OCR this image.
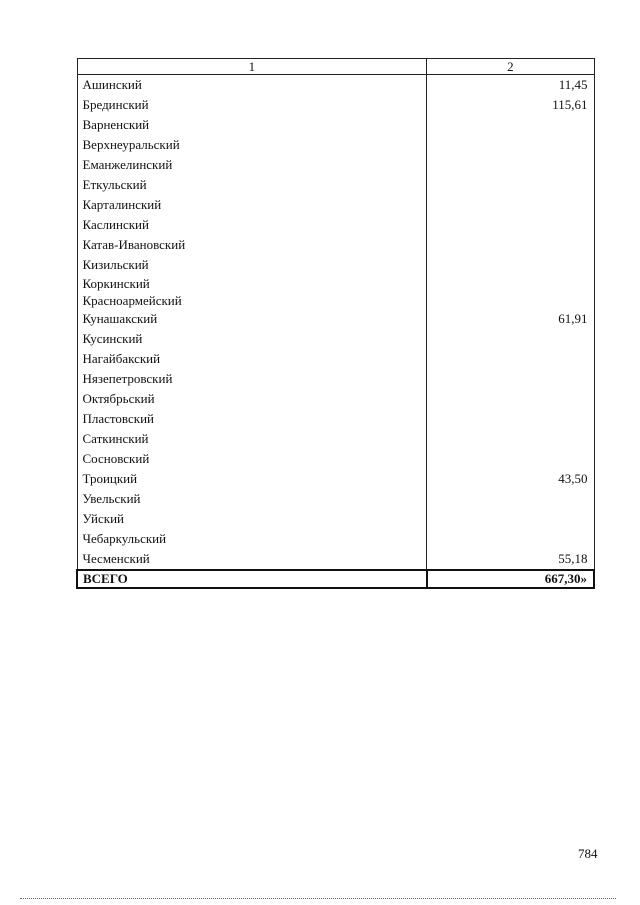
1	2
Ашинский	11,45
Брединский	115,61
Варненский	
Верхнеуральский	
Еманжелинский	
Еткульский	
Карталинский	
Каслинский	
Катав-Ивановский	
Кизильский	
Коркинский	
Красноармейский	
Кунашакский	61,91
Кусинский	
Нагайбакский	
Нязепетровский	
Октябрьский	
Пластовский	
Саткинский	
Сосновский	
Троицкий	43,50
Увельский	
Уйский	
Чебаркульский	
Чесменский	55,18
ВСЕГО	667,30»
784
